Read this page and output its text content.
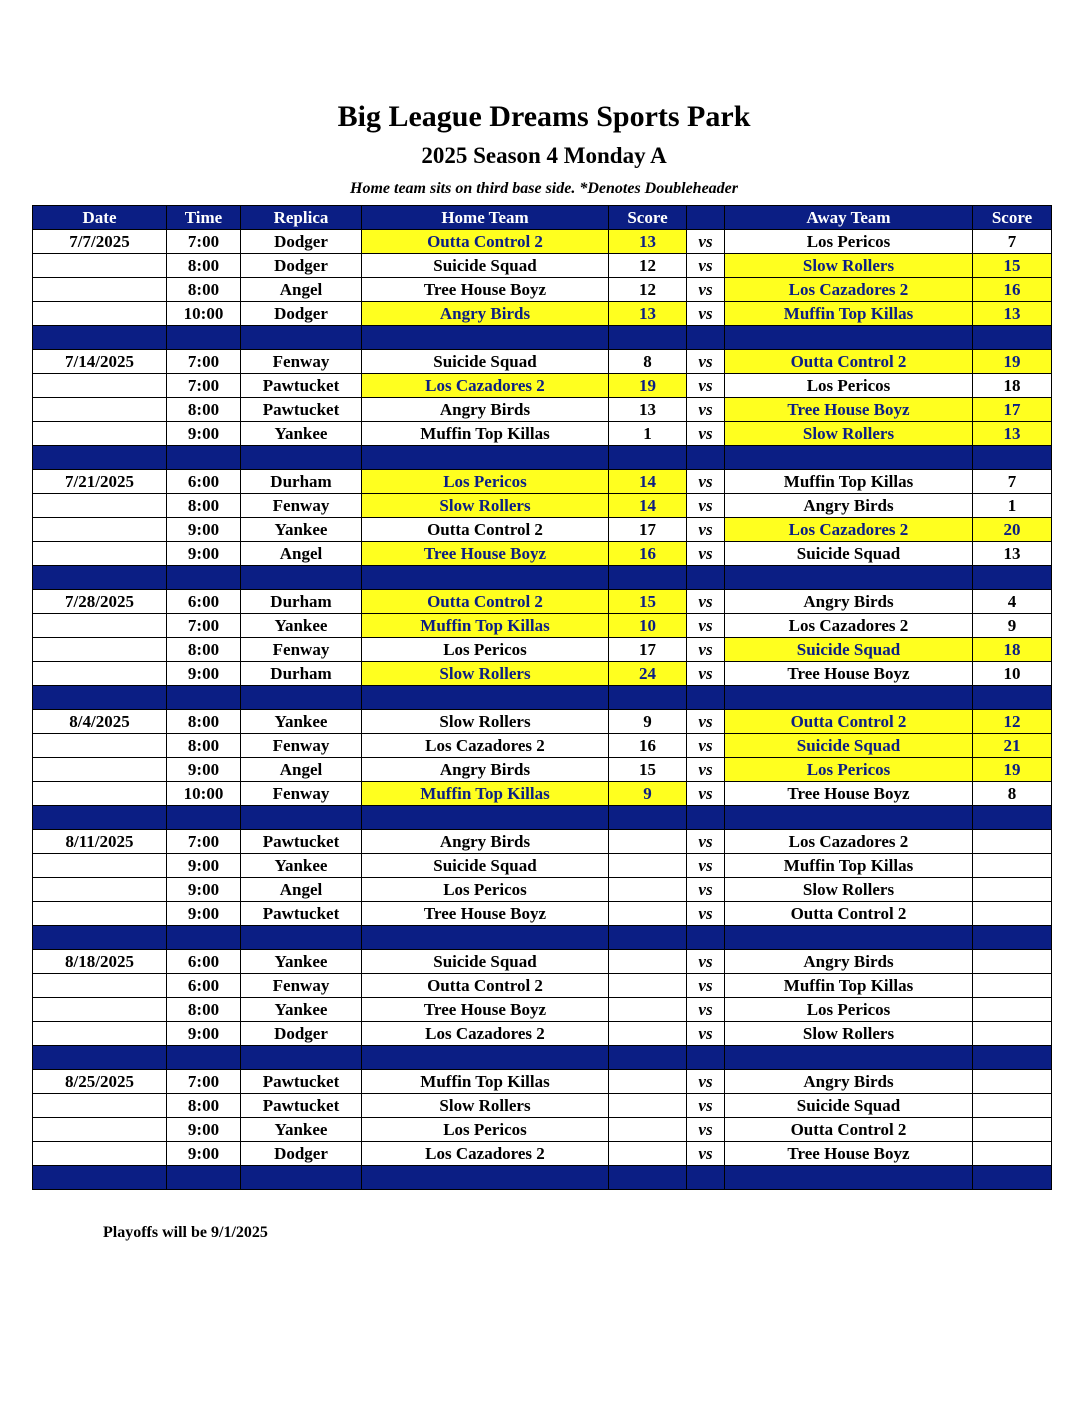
Big League Dreams Sports Park
2025 Season 4 Monday A
Home team sits on third base side. *Denotes Doubleheader
Date	Time	Replica	Home Team	Score		Away Team	Score
7/7/2025	7:00	Dodger	Outta Control 2	13	vs	Los Pericos	7
	8:00	Dodger	Suicide Squad	12	vs	Slow Rollers	15
	8:00	Angel	Tree House Boyz	12	vs	Los Cazadores 2	16
	10:00	Dodger	Angry Birds	13	vs	Muffin Top Killas	13

7/14/2025	7:00	Fenway	Suicide Squad	8	vs	Outta Control 2	19
	7:00	Pawtucket	Los Cazadores 2	19	vs	Los Pericos	18
	8:00	Pawtucket	Angry Birds	13	vs	Tree House Boyz	17
	9:00	Yankee	Muffin Top Killas	1	vs	Slow Rollers	13

7/21/2025	6:00	Durham	Los Pericos	14	vs	Muffin Top Killas	7
	8:00	Fenway	Slow Rollers	14	vs	Angry Birds	1
	9:00	Yankee	Outta Control 2	17	vs	Los Cazadores 2	20
	9:00	Angel	Tree House Boyz	16	vs	Suicide Squad	13

7/28/2025	6:00	Durham	Outta Control 2	15	vs	Angry Birds	4
	7:00	Yankee	Muffin Top Killas	10	vs	Los Cazadores 2	9
	8:00	Fenway	Los Pericos	17	vs	Suicide Squad	18
	9:00	Durham	Slow Rollers	24	vs	Tree House Boyz	10

8/4/2025	8:00	Yankee	Slow Rollers	9	vs	Outta Control 2	12
	8:00	Fenway	Los Cazadores 2	16	vs	Suicide Squad	21
	9:00	Angel	Angry Birds	15	vs	Los Pericos	19
	10:00	Fenway	Muffin Top Killas	9	vs	Tree House Boyz	8

8/11/2025	7:00	Pawtucket	Angry Birds		vs	Los Cazadores 2	
	9:00	Yankee	Suicide Squad		vs	Muffin Top Killas	
	9:00	Angel	Los Pericos		vs	Slow Rollers	
	9:00	Pawtucket	Tree House Boyz		vs	Outta Control 2	

8/18/2025	6:00	Yankee	Suicide Squad		vs	Angry Birds	
	6:00	Fenway	Outta Control 2		vs	Muffin Top Killas	
	8:00	Yankee	Tree House Boyz		vs	Los Pericos	
	9:00	Dodger	Los Cazadores 2		vs	Slow Rollers	

8/25/2025	7:00	Pawtucket	Muffin Top Killas		vs	Angry Birds	
	8:00	Pawtucket	Slow Rollers		vs	Suicide Squad	
	9:00	Yankee	Los Pericos		vs	Outta Control 2	
	9:00	Dodger	Los Cazadores 2		vs	Tree House Boyz	

Playoffs will be 9/1/2025
